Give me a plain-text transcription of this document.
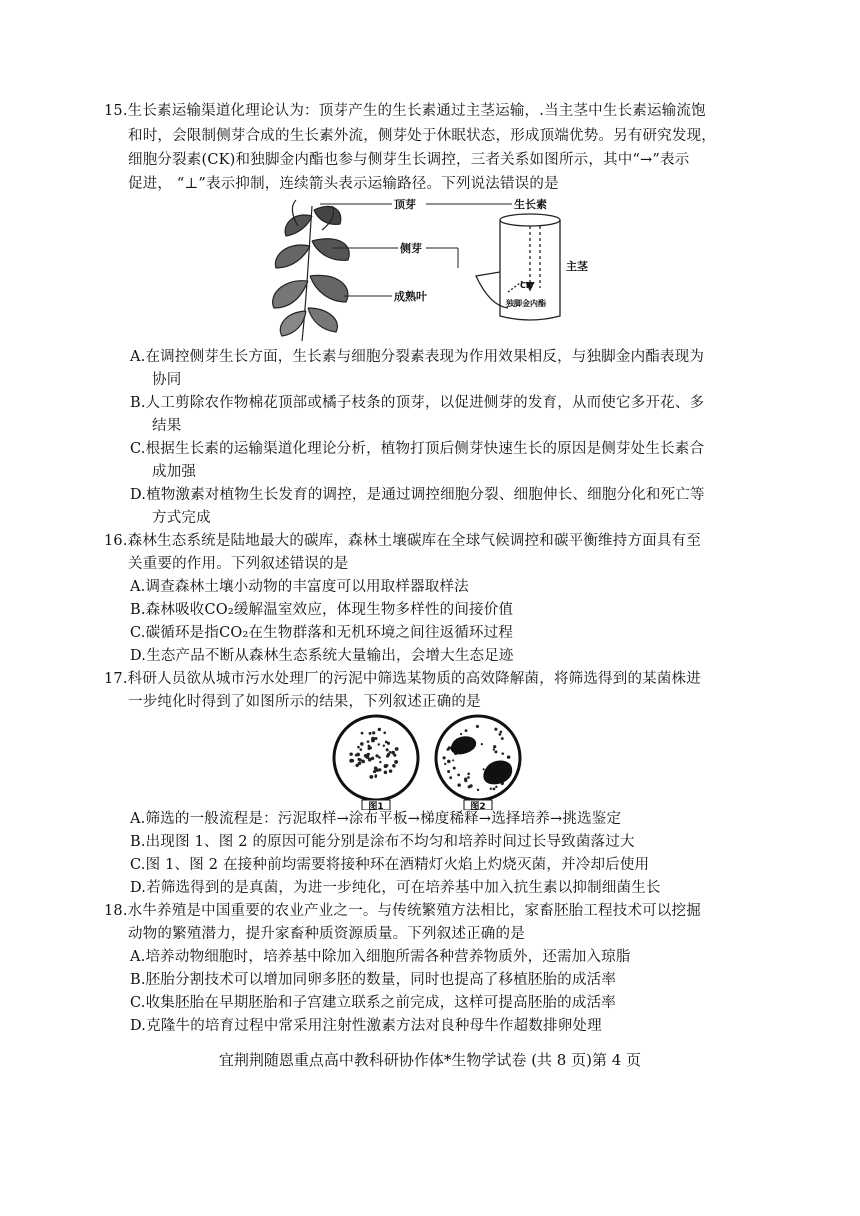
15.生长素运输渠道化理论认为：顶芽产生的生长素通过主茎运输，.当主茎中生长素运输流饱
和时，会限制侧芽合成的生长素外流，侧芽处于休眠状态，形成顶端优势。另有研究发现，
细胞分裂素(CK)和独脚金内酯也参与侧芽生长调控，三者关系如图所示，其中“→”表示
促进， “⊥”表示抑制，连续箭头表示运输路径。下列说法错误的是
顶芽
侧芽
成熟叶
生长素
主茎
CK
独脚金内酯
A.在调控侧芽生长方面，生长素与细胞分裂素表现为作用效果相反，与独脚金内酯表现为
协同
B.人工剪除农作物棉花顶部或橘子枝条的顶芽，以促进侧芽的发育，从而使它多开花、多
结果
C.根据生长素的运输渠道化理论分析，植物打顶后侧芽快速生长的原因是侧芽处生长素合
成加强
D.植物激素对植物生长发育的调控，是通过调控细胞分裂、细胞伸长、细胞分化和死亡等
方式完成
16.森林生态系统是陆地最大的碳库，森林土壤碳库在全球气候调控和碳平衡维持方面具有至
关重要的作用。下列叙述错误的是
A.调查森林土壤小动物的丰富度可以用取样器取样法
B.森林吸收CO₂缓解温室效应，体现生物多样性的间接价值
C.碳循环是指CO₂在生物群落和无机环境之间往返循环过程
D.生态产品不断从森林生态系统大量输出，会增大生态足迹
17.科研人员欲从城市污水处理厂的污泥中筛选某物质的高效降解菌，将筛选得到的某菌株进
一步纯化时得到了如图所示的结果，下列叙述正确的是
图1	图2
A.筛选的一般流程是：污泥取样→涂布平板→梯度稀释→选择培养→挑选鉴定
B.出现图 1、图 2 的原因可能分别是涂布不均匀和培养时间过长导致菌落过大
C.图 1、图 2 在接种前均需要将接种环在酒精灯火焰上灼烧灭菌，并冷却后使用
D.若筛选得到的是真菌，为进一步纯化，可在培养基中加入抗生素以抑制细菌生长
18.水牛养殖是中国重要的农业产业之一。与传统繁殖方法相比，家畜胚胎工程技术可以挖掘
动物的繁殖潜力，提升家畜种质资源质量。下列叙述正确的是
A.培养动物细胞时，培养基中除加入细胞所需各种营养物质外，还需加入琼脂
B.胚胎分割技术可以增加同卵多胚的数量，同时也提高了移植胚胎的成活率
C.收集胚胎在早期胚胎和子宫建立联系之前完成，这样可提高胚胎的成活率
D.克隆牛的培育过程中常采用注射性激素方法对良种母牛作超数排卵处理
宜荆荆随恩重点高中教科研协作体*生物学试卷 (共 8 页)第 4 页
